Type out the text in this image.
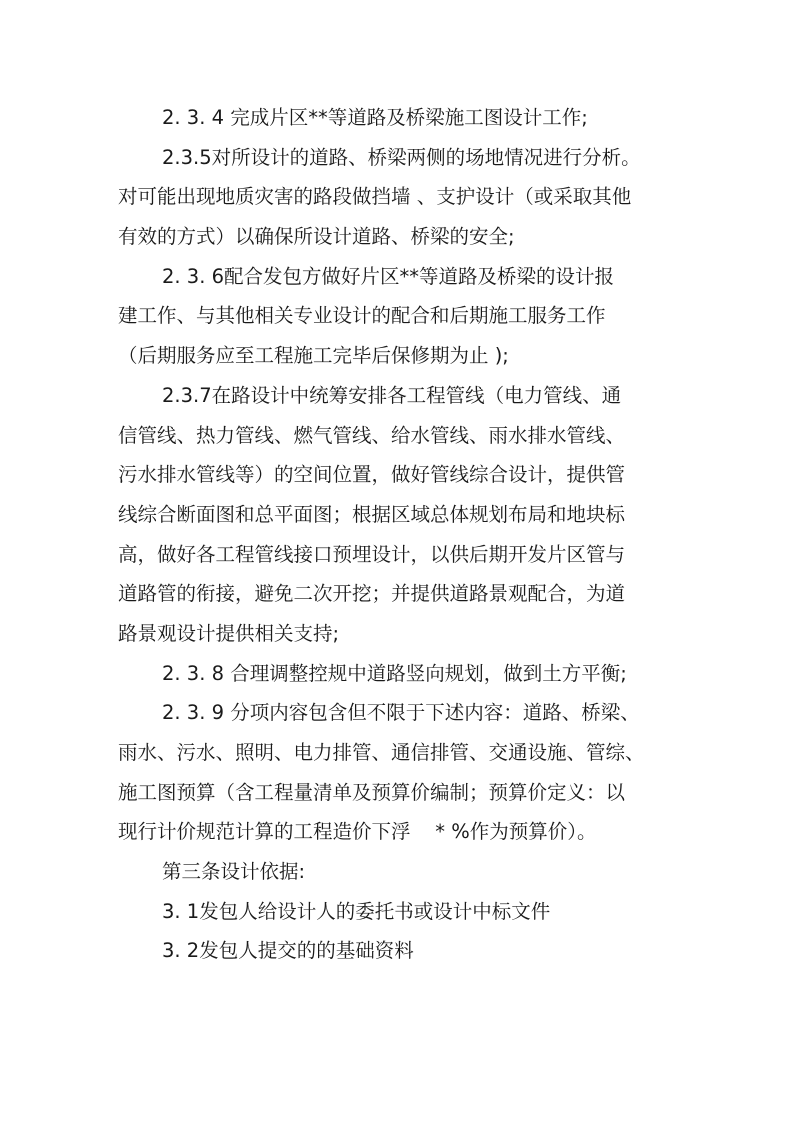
2. 3. 4 完成片区**等道路及桥梁施工图设计工作;
2.3.5对所设计的道路、桥梁两侧的场地情况进行分析。
对可能出现地质灾害的路段做挡墙 、支护设计（或采取其他
有效的方式）以确保所设计道路、桥梁的安全;
2. 3. 6配合发包方做好片区**等道路及桥梁的设计报
建工作、与其他相关专业设计的配合和后期施工服务工作
（后期服务应至工程施工完毕后保修期为止 );
2.3.7在路设计中统筹安排各工程管线（电力管线、通
信管线、热力管线、燃气管线、给水管线、雨水排水管线、
污水排水管线等）的空间位置，做好管线综合设计，提供管
线综合断面图和总平面图；根据区域总体规划布局和地块标
高，做好各工程管线接口预埋设计，以供后期开发片区管与
道路管的衔接，避免二次开挖；并提供道路景观配合，为道
路景观设计提供相关支持;
2. 3. 8 合理调整控规中道路竖向规划，做到土方平衡;
2. 3. 9 分项内容包含但不限于下述内容：道路、桥梁、
雨水、污水、照明、电力排管、通信排管、交通设施、管综、
施工图预算（含工程量清单及预算价编制；预算价定义：以
现行计价规范计算的工程造价下浮    * %作为预算价）。
第三条设计依据:
3. 1发包人给设计人的委托书或设计中标文件
3. 2发包人提交的的基础资料
